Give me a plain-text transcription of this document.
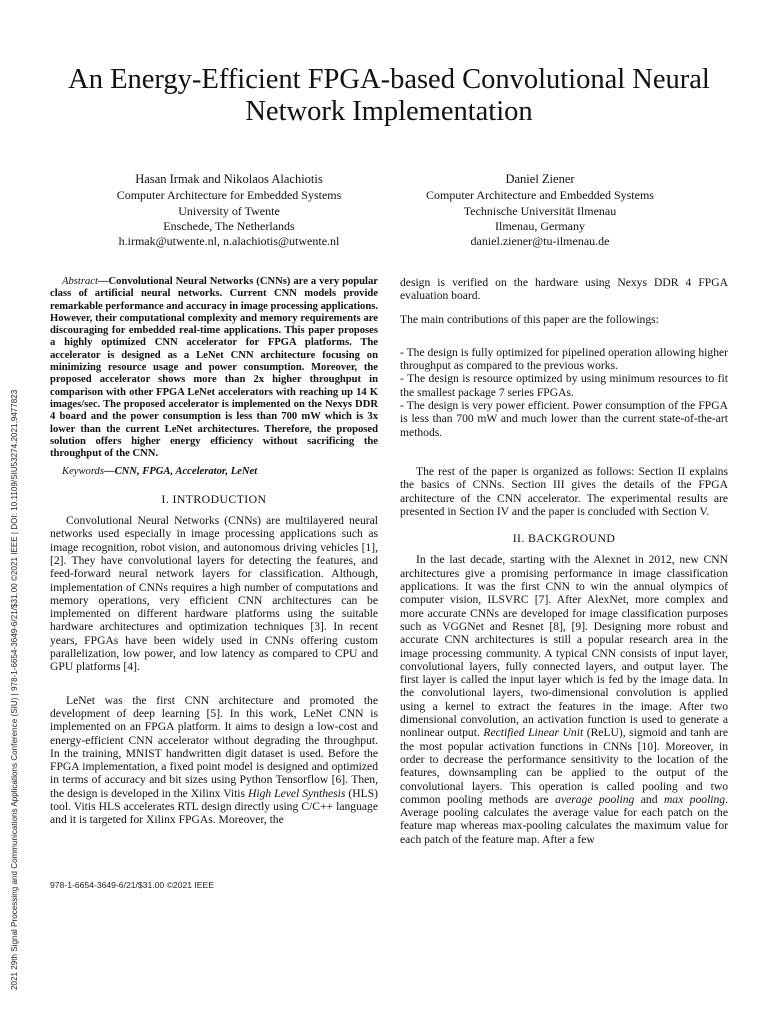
2021 29th Signal Processing and Communications Applications Conference (SIU) | 978-1-6654-3649-6/21/$31.00 ©2021 IEEE | DOI: 10.1109/SIU53274.2021.9477823
An Energy-Efficient FPGA-based Convolutional Neural Network Implementation
Hasan Irmak and Nikolaos Alachiotis
Computer Architecture for Embedded Systems
University of Twente
Enschede, The Netherlands
h.irmak@utwente.nl, n.alachiotis@utwente.nl
Daniel Ziener
Computer Architecture and Embedded Systems
Technische Universität Ilmenau
Ilmenau, Germany
daniel.ziener@tu-ilmenau.de

Abstract—Convolutional Neural Networks (CNNs) are a very popular class of artificial neural networks. Current CNN models provide remarkable performance and accuracy in image processing applications. However, their computational complexity and memory requirements are discouraging for embedded real-time applications. This paper proposes a highly optimized CNN accelerator for FPGA platforms. The accelerator is designed as a LeNet CNN architecture focusing on minimizing resource usage and power consumption. Moreover, the proposed accelerator shows more than 2x higher throughput in comparison with other FPGA LeNet accelerators with reaching up 14 K images/sec. The proposed accelerator is implemented on the Nexys DDR 4 board and the power consumption is less than 700 mW which is 3x lower than the current LeNet architectures. Therefore, the proposed solution offers higher energy efficiency without sacrificing the throughput of the CNN.

Keywords—CNN, FPGA, Accelerator, LeNet

I. INTRODUCTION

Convolutional Neural Networks (CNNs) are multilayered neural networks used especially in image processing applications such as image recognition, robot vision, and autonomous driving vehicles [1], [2]. They have convolutional layers for detecting the features, and feed-forward neural network layers for classification. Although, implementation of CNNs requires a high number of computations and memory operations, very efficient CNN architectures can be implemented on different hardware platforms using the suitable hardware architectures and optimization techniques [3]. In recent years, FPGAs have been widely used in CNNs offering custom parallelization, low power, and low latency as compared to CPU and GPU platforms [4].

LeNet was the first CNN architecture and promoted the development of deep learning [5]. In this work, LeNet CNN is implemented on an FPGA platform. It aims to design a low-cost and energy-efficient CNN accelerator without degrading the throughput. In the training, MNIST handwritten digit dataset is used. Before the FPGA implementation, a fixed point model is designed and optimized in terms of accuracy and bit sizes using Python Tensorflow [6]. Then, the design is developed in the Xilinx Vitis High Level Synthesis (HLS) tool. Vitis HLS accelerates RTL design directly using C/C++ language and it is targeted for Xilinx FPGAs. Moreover, the

978-1-6654-3649-6/21/$31.00 ©2021 IEEE

design is verified on the hardware using Nexys DDR 4 FPGA evaluation board.

The main contributions of this paper are the followings:

- The design is fully optimized for pipelined operation allowing higher throughput as compared to the previous works.

- The design is resource optimized by using minimum resources to fit the smallest package 7 series FPGAs.

- The design is very power efficient. Power consumption of the FPGA is less than 700 mW and much lower than the current state-of-the-art methods.

The rest of the paper is organized as follows: Section II explains the basics of CNNs. Section III gives the details of the FPGA architecture of the CNN accelerator. The experimental results are presented in Section IV and the paper is concluded with Section V.

II. BACKGROUND

In the last decade, starting with the Alexnet in 2012, new CNN architectures give a promising performance in image classification applications. It was the first CNN to win the annual olympics of computer vision, ILSVRC [7]. After AlexNet, more complex and more accurate CNNs are developed for image classification purposes such as VGGNet and Resnet [8], [9]. Designing more robust and accurate CNN architectures is still a popular research area in the image processing community. A typical CNN consists of input layer, convolutional layers, fully connected layers, and output layer. The first layer is called the input layer which is fed by the image data. In the convolutional layers, two-dimensional convolution is applied using a kernel to extract the features in the image. After two dimensional convolution, an activation function is used to generate a nonlinear output. Rectified Linear Unit (ReLU), sigmoid and tanh are the most popular activation functions in CNNs [10]. Moreover, in order to decrease the performance sensitivity to the location of the features, downsampling can be applied to the output of the convolutional layers. This operation is called pooling and two common pooling methods are average pooling and max pooling. Average pooling calculates the average value for each patch on the feature map whereas max-pooling calculates the maximum value for each patch of the feature map. After a few
